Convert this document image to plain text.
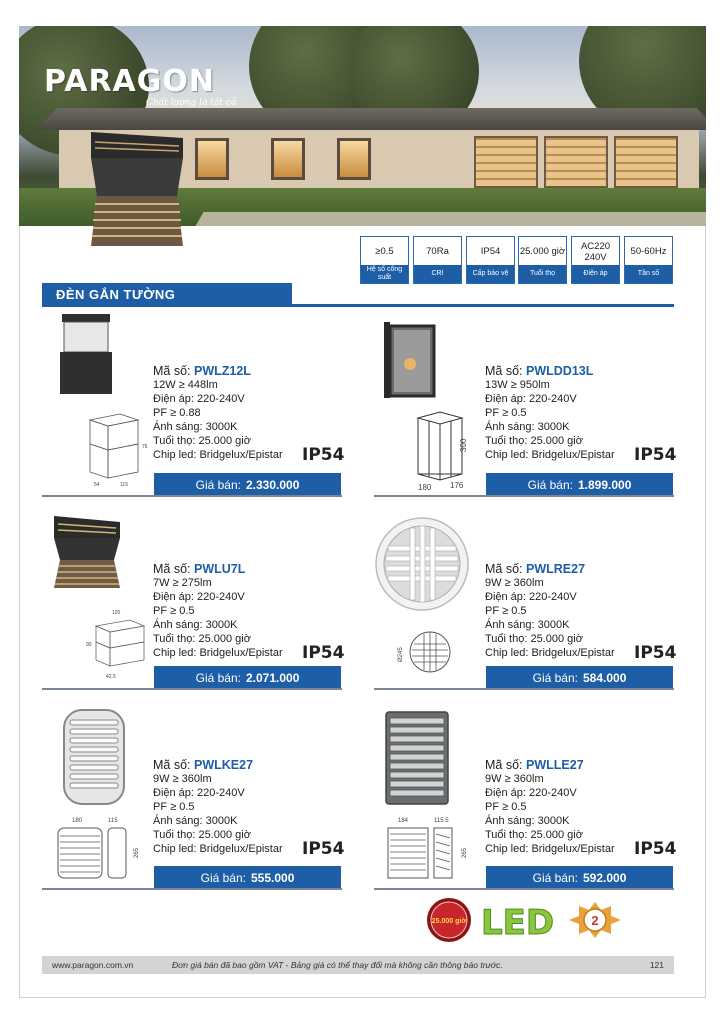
PARAGON
Chất lượng là tất cả
≥0.5
Hệ số công suất
70Ra
CRI
IP54
Cấp bảo vệ
25.000 giờ
Tuổi thọ
AC220 240V
Điện áp
50-60Hz
Tần số
ĐÈN GẮN TƯỜNG
76
54	115
Mã số: PWLZ12L
12W ≥ 448lm
Điện áp: 220-240V
PF ≥ 0.88
Ánh sáng: 3000K
Tuổi thọ: 25.000 giờ
Chip led: Bridgelux/Epistar IP54
Giá bán: 2.330.000
300
180 176
Mã số: PWLDD13L
13W ≥ 950lm
Điện áp: 220-240V
PF ≥ 0.5
Ánh sáng: 3000K
Tuổi thọ: 25.000 giờ
Chip led: Bridgelux/Epistar IP54
Giá bán: 1.899.000
120
90
42.5
Mã số: PWLU7L
7W ≥ 275lm
Điện áp: 220-240V
PF ≥ 0.5
Ánh sáng: 3000K
Tuổi thọ: 25.000 giờ
Chip led: Bridgelux/Epistar IP54
Giá bán: 2.071.000
Ø245
Mã số: PWLRE27
9W ≥ 360lm
Điện áp: 220-240V
PF ≥ 0.5
Ánh sáng: 3000K
Tuổi thọ: 25.000 giờ
Chip led: Bridgelux/Epistar IP54
Giá bán: 584.000
180	115
265
Mã số: PWLKE27
9W ≥ 360lm
Điện áp: 220-240V
PF ≥ 0.5
Ánh sáng: 3000K
Tuổi thọ: 25.000 giờ
Chip led: Bridgelux/Epistar IP54
Giá bán: 555.000
184	115.5
265
Mã số: PWLLE27
9W ≥ 360lm
Điện áp: 220-240V
PF ≥ 0.5
Ánh sáng: 3000K
Tuổi thọ: 25.000 giờ
Chip led: Bridgelux/Epistar IP54
Giá bán: 592.000
25.000 giờ LED	2
www.paragon.com.vn	Đơn giá bán đã bao gồm VAT - Bảng giá có thể thay đổi mà không cần thông báo trước.	121
